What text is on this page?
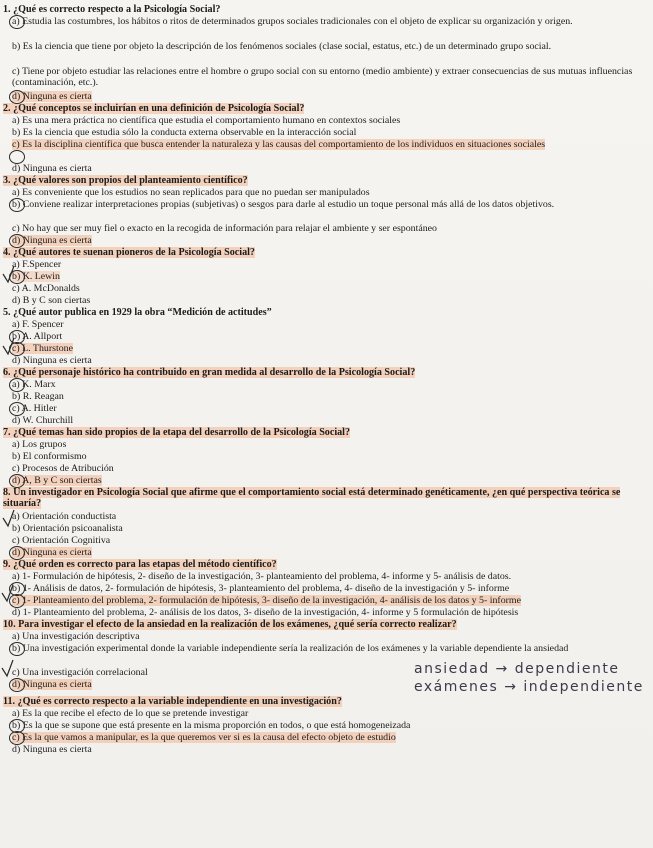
1. ¿Qué es correcto respecto a la Psicología Social?
a) Estudia las costumbres, los hábitos o ritos de determinados grupos sociales tradicionales con el objeto de explicar su organización y origen.
b) Es la ciencia que tiene por objeto la descripción de los fenómenos sociales (clase social, estatus, etc.) de un determinado grupo social.
c) Tiene por objeto estudiar las relaciones entre el hombre o grupo social con su entorno (medio ambiente) y extraer consecuencias de sus mutuas influencias (contaminación, etc.).
d) Ninguna es cierta
2. ¿Qué conceptos se incluirían en una definición de Psicología Social?
a) Es una mera práctica no científica que estudia el comportamiento humano en contextos sociales
b) Es la ciencia que estudia sólo la conducta externa observable en la interacción social
c) Es la disciplina científica que busca entender la naturaleza y las causas del comportamiento de los individuos en situaciones sociales
d) Ninguna es cierta
3. ¿Qué valores son propios del planteamiento científico?
a) Es conveniente que los estudios no sean replicados para que no puedan ser manipulados
b) Conviene realizar interpretaciones propias (subjetivas) o sesgos para darle al estudio un toque personal más allá de los datos objetivos.
c) No hay que ser muy fiel o exacto en la recogida de información para relajar el ambiente y ser espontáneo
d) Ninguna es cierta
4. ¿Qué autores te suenan pioneros de la Psicología Social?
a) F.Spencer
b) K. Lewin
c) A. McDonalds
d) B y C son ciertas
5. ¿Qué autor publica en 1929 la obra “Medición de actitudes”
a) F. Spencer
b) A. Allport
c) L. Thurstone
d) Ninguna es cierta
6. ¿Qué personaje histórico ha contribuido en gran medida al desarrollo de la Psicología Social?
a) K. Marx
b) R. Reagan
c) A. Hitler
d) W. Churchill
7. ¿Qué temas han sido propios de la etapa del desarrollo de la Psicología Social?
a) Los grupos
b) El conformismo
c) Procesos de Atribución
d) A, B y C son ciertas
8. Un investigador en Psicología Social que afirme que el comportamiento social está determinado genéticamente, ¿en qué perspectiva teórica se situaría?
a) Orientación conductista
b) Orientación psicoanalista
c) Orientación Cognitiva
d) Ninguna es cierta
9. ¿Qué orden es correcto para las etapas del método científico?
a) 1- Formulación de hipótesis, 2- diseño de la investigación, 3- planteamiento del problema, 4- informe y 5- análisis de datos.
b) 1- Análisis de datos, 2- formulación de hipótesis, 3- planteamiento del problema, 4- diseño de la investigación y 5- informe
c) 1- Planteamiento del problema, 2- formulación de hipótesis, 3- diseño de la investigación, 4- análisis de los datos y 5- informe
d) 1- Planteamiento del problema, 2- análisis de los datos, 3- diseño de la investigación, 4- informe y 5 formulación de hipótesis
10. Para investigar el efecto de la ansiedad en la realización de los exámenes, ¿qué sería correcto realizar?
a) Una investigación descriptiva
b) Una investigación experimental donde la variable independiente sería la realización de los exámenes y la variable dependiente la ansiedad
c) Una investigación correlacional
d) Ninguna es cierta
ansiedad → dependiente
exámenes → independiente
11. ¿Qué es correcto respecto a la variable independiente en una investigación?
a) Es la que recibe el efecto de lo que se pretende investigar
b) Es la que se supone que está presente en la misma proporción en todos, o que está homogeneizada
c) Es la que vamos a manipular, es la que queremos ver si es la causa del efecto objeto de estudio
d) Ninguna es cierta
